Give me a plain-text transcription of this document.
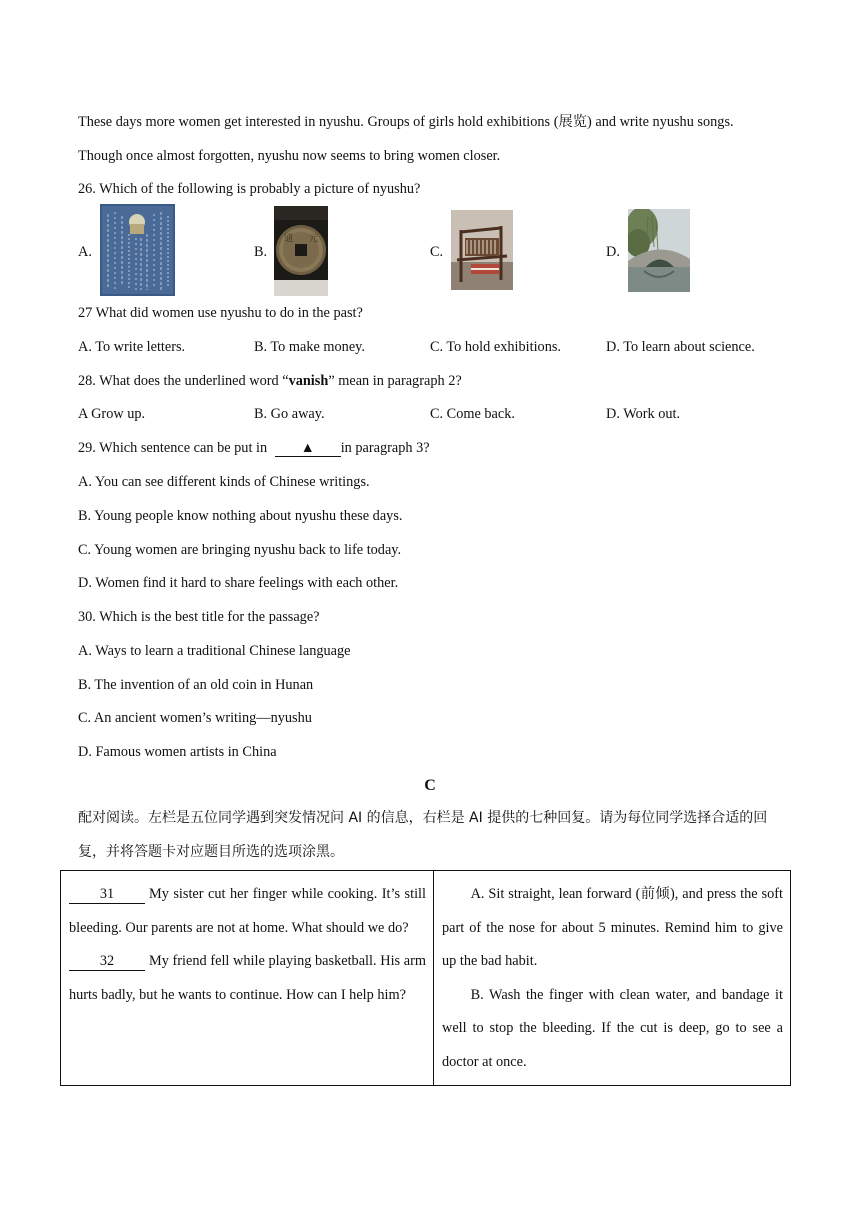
These days more women get interested in nyushu. Groups of girls hold exhibitions (展览) and write nyushu songs.
Though once almost forgotten, nyushu now seems to bring women closer.
26. Which of the following is probably a picture of nyushu?
A.	B.
通 元
C.	D.
27 What did women use nyushu to do in the past?
A. To write letters.	B. To make money.	C. To hold exhibitions.	D. To learn about science.
28. What does the underlined word “vanish” mean in paragraph 2?
A Grow up.	B. Go away.	C. Come back.	D. Work out.
29. Which sentence can be put in ▲ in paragraph 3?
A. You can see different kinds of Chinese writings.
B. Young people know nothing about nyushu these days.
C. Young women are bringing nyushu back to life today.
D. Women find it hard to share feelings with each other.
30. Which is the best title for the passage?
A. Ways to learn a traditional Chinese language
B. The invention of an old coin in Hunan
C. An ancient women’s writing—nyushu
D. Famous women artists in China
C
配对阅读。左栏是五位同学遇到突发情况问 AI 的信息，右栏是 AI 提供的七种回复。请为每位同学选择合适的回复，并将答题卡对应题目所选的选项涂黑。

31 My sister cut her finger while cooking. It’s still bleeding. Our parents are not at home. What should we do?

32 My friend fell while playing basketball. His arm hurts badly, but he wants to continue. How can I help him?

A. Sit straight, lean forward (前倾), and press the soft part of the nose for about 5 minutes. Remind him to give up the bad habit.

B. Wash the finger with clean water, and bandage it well to stop the bleeding. If the cut is deep, go to see a doctor at once.
